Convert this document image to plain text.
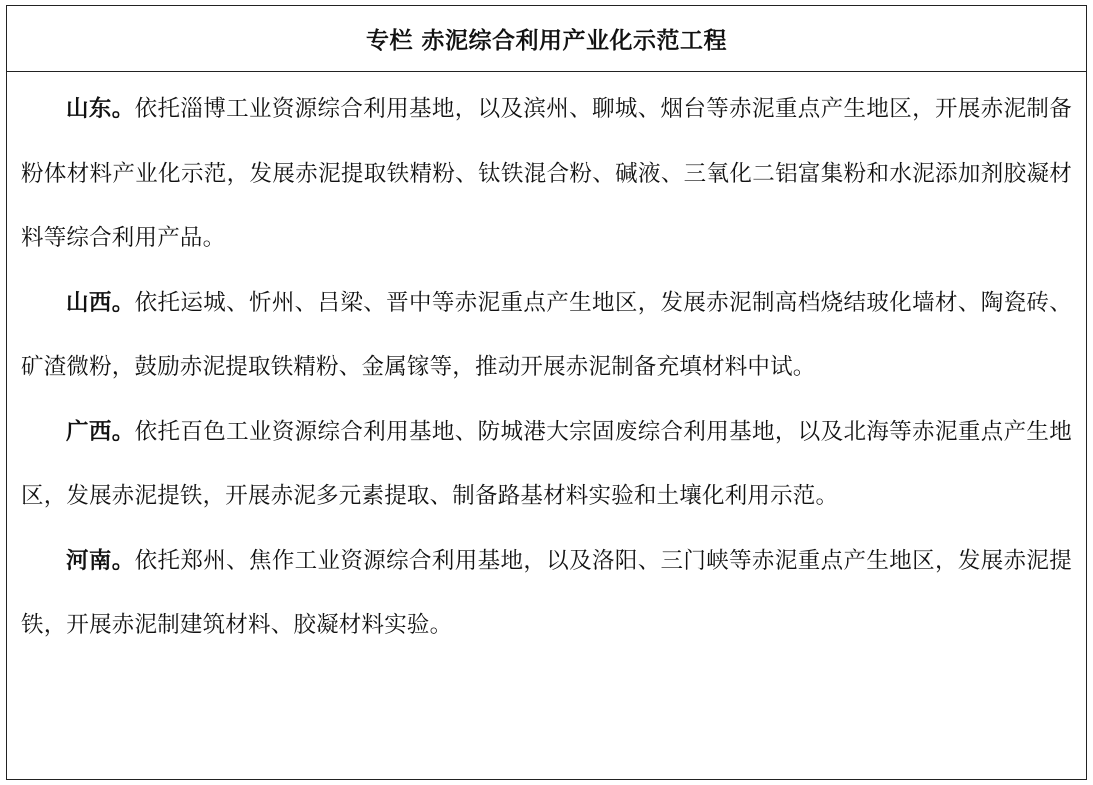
专栏 赤泥综合利用产业化示范工程

山东。依托淄博工业资源综合利用基地，以及滨州、聊城、烟台等赤泥重点产生地区，开展赤泥制备粉体材料产业化示范，发展赤泥提取铁精粉、钛铁混合粉、碱液、三氧化二铝富集粉和水泥添加剂胶凝材料等综合利用产品。

山西。依托运城、忻州、吕梁、晋中等赤泥重点产生地区，发展赤泥制高档烧结玻化墙材、陶瓷砖、矿渣微粉，鼓励赤泥提取铁精粉、金属镓等，推动开展赤泥制备充填材料中试。

广西。依托百色工业资源综合利用基地、防城港大宗固废综合利用基地，以及北海等赤泥重点产生地区，发展赤泥提铁，开展赤泥多元素提取、制备路基材料实验和土壤化利用示范。

河南。依托郑州、焦作工业资源综合利用基地，以及洛阳、三门峡等赤泥重点产生地区，发展赤泥提铁，开展赤泥制建筑材料、胶凝材料实验。
